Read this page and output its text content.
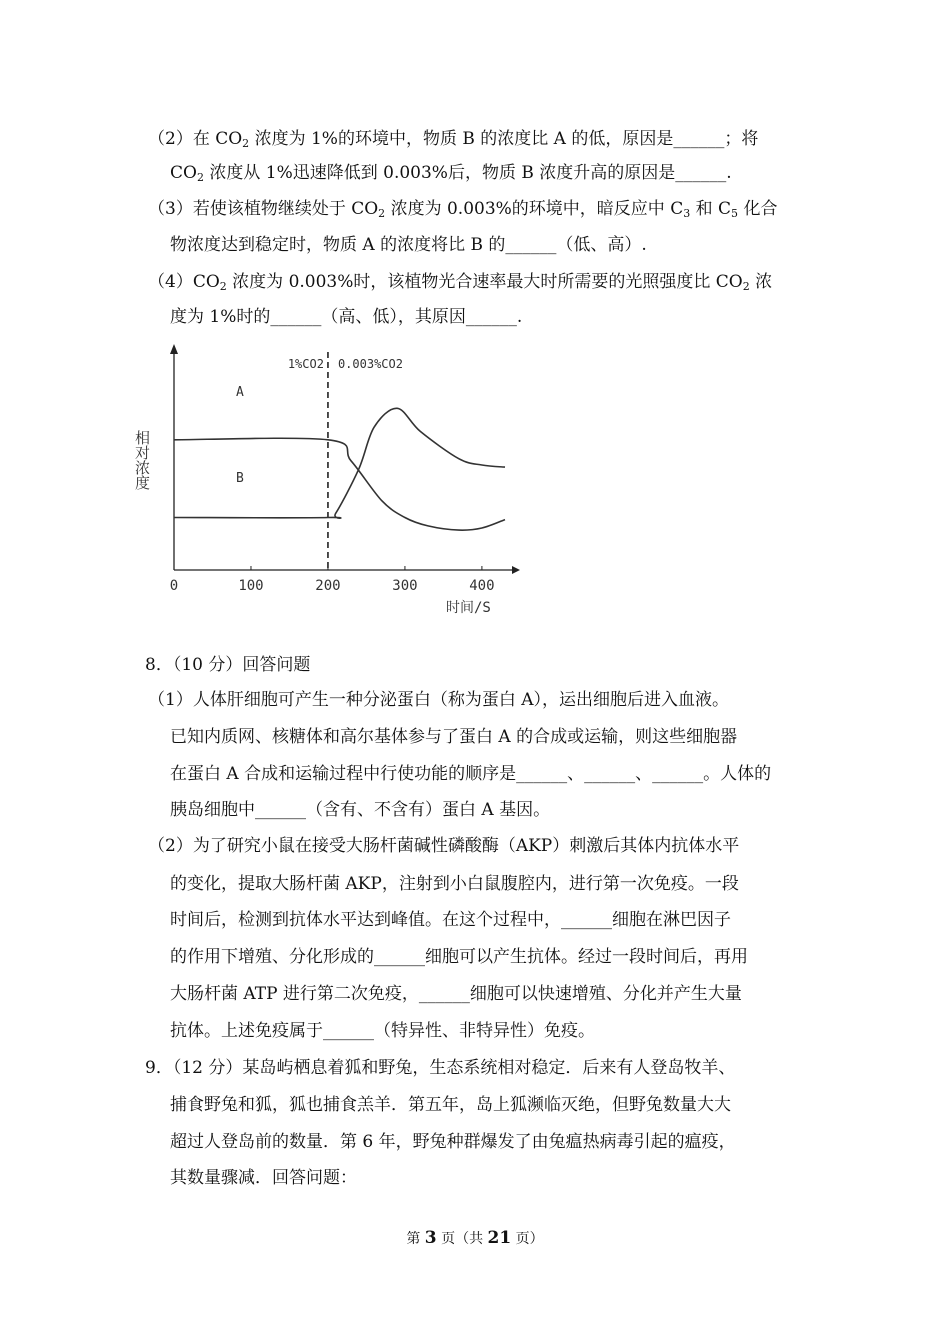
（2）在 $CO_2$ 浓度为 1%的环境中，物质 B 的浓度比 A 的低，原因是______；将
$CO_2$ 浓度从 1%迅速降低到 0.003%后，物质 B 浓度升高的原因是______.
（3）若使该植物继续处于 $CO_2$ 浓度为 0.003%的环境中，暗反应中 $C_3$ 和 $C_5$ 化合
物浓度达到稳定时，物质 A 的浓度将比 B 的______（低、高）.
$(4)CO_2$ 浓度为 0.003%时，该植物光合速率最大时所需要的光照强度比 $CO_2$ 浓
度为 1%时的______（高、低），其原因______.
相对浓度
0	100	200	300	400
时间/S
1%CO2 0.003%CO2
A
B
8．（10 分）回答问题
（1）人体肝细胞可产生一种分泌蛋白（称为蛋白 A），运出细胞后进入血液。
已知内质网、核糖体和高尔基体参与了蛋白 A 的合成或运输，则这些细胞器
在蛋白 A 合成和运输过程中行使功能的顺序是______、______、______。人体的
胰岛细胞中______（含有、不含有）蛋白 A 基因。
（2）为了研究小鼠在接受大肠杆菌碱性磷酸酶（AKP）刺激后其体内抗体水平
的变化，提取大肠杆菌 AKP，注射到小白鼠腹腔内，进行第一次免疫。一段
时间后，检测到抗体水平达到峰值。在这个过程中，______细胞在淋巴因子
的作用下增殖、分化形成的______细胞可以产生抗体。经过一段时间后，再用
大肠杆菌 ATP 进行第二次免疫，______细胞可以快速增殖、分化并产生大量
抗体。上述免疫属于______（特异性、非特异性）免疫。
9．（12 分）某岛屿栖息着狐和野兔，生态系统相对稳定．后来有人登岛牧羊、
捕食野兔和狐，狐也捕食羔羊．第五年，岛上狐濒临灭绝，但野兔数量大大
超过人登岛前的数量．第 6 年，野兔种群爆发了由兔瘟热病毒引起的瘟疫，
其数量骤减．回答问题：
第 3 页（共 21 页）
